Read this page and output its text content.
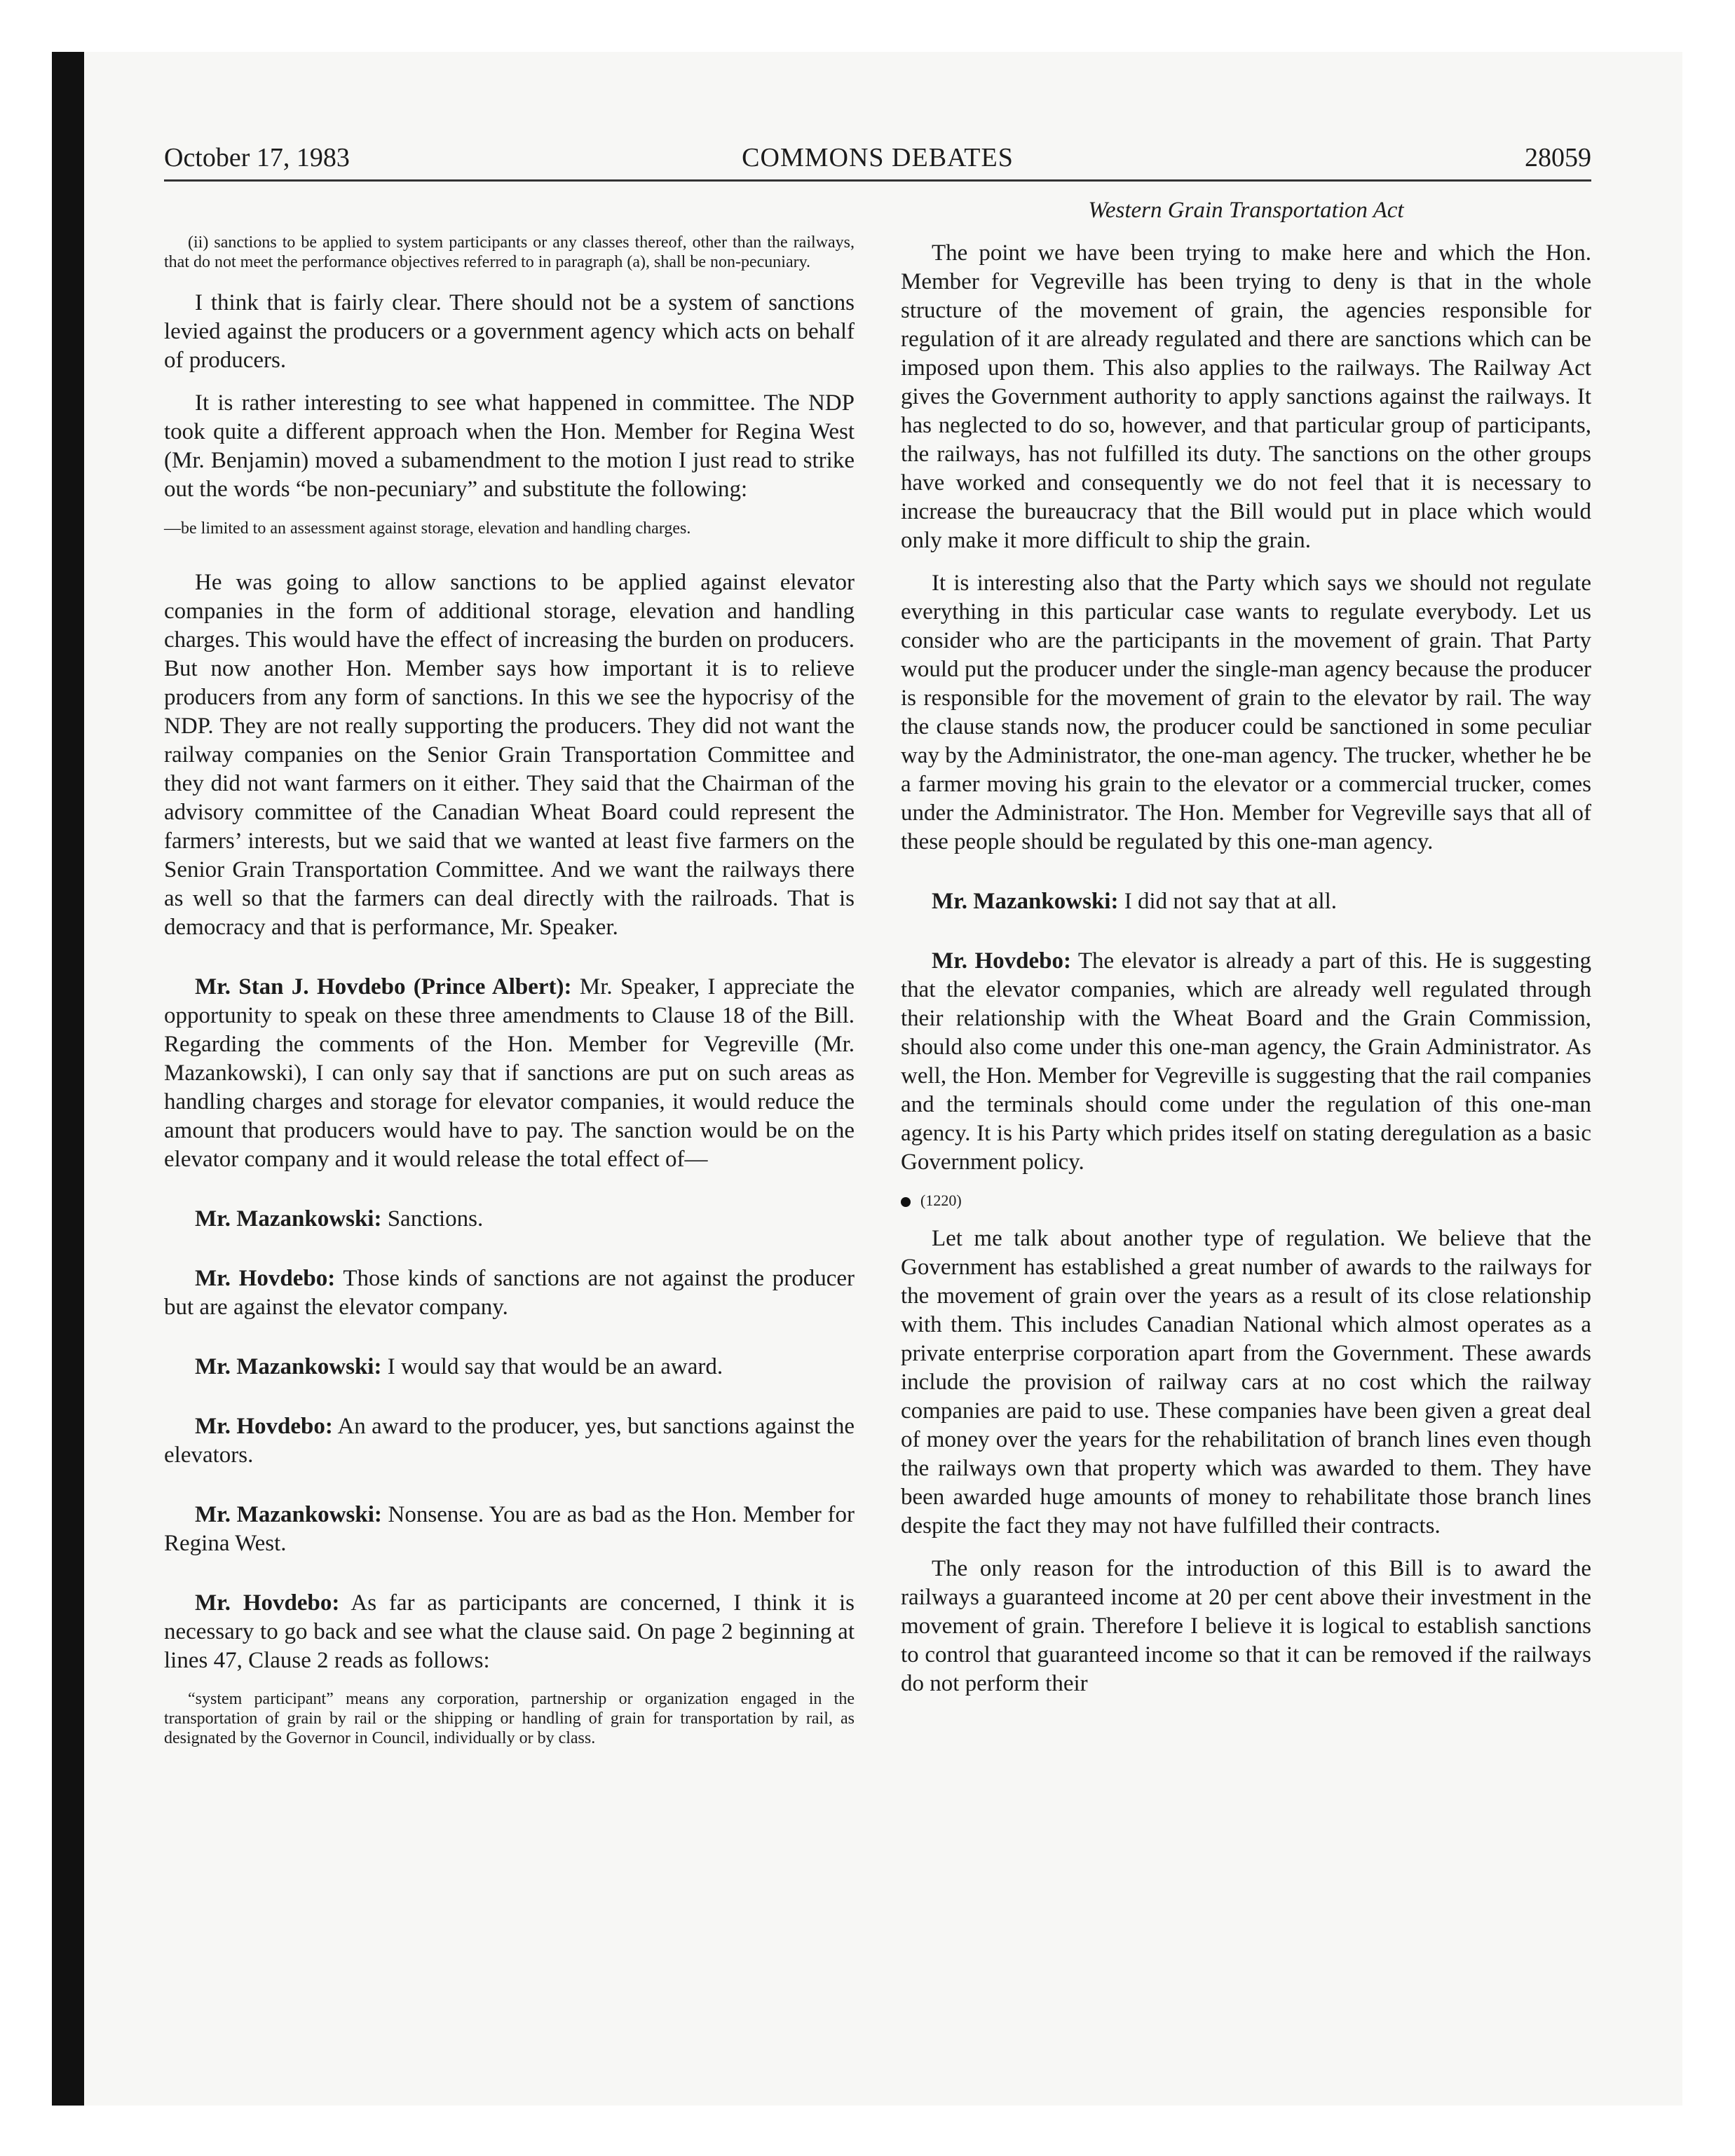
October 17, 1983	COMMONS DEBATES	28059

(ii) sanctions to be applied to system participants or any classes thereof, other than the railways, that do not meet the performance objectives referred to in paragraph (a), shall be non-pecuniary.

I think that is fairly clear. There should not be a system of sanctions levied against the producers or a government agency which acts on behalf of producers.

It is rather interesting to see what happened in committee. The NDP took quite a different approach when the Hon. Member for Regina West (Mr. Benjamin) moved a subamendment to the motion I just read to strike out the words “be non-pecuniary” and substitute the following:

—be limited to an assessment against storage, elevation and handling charges.

He was going to allow sanctions to be applied against elevator companies in the form of additional storage, elevation and handling charges. This would have the effect of increasing the burden on producers. But now another Hon. Member says how important it is to relieve producers from any form of sanctions. In this we see the hypocrisy of the NDP. They are not really supporting the producers. They did not want the railway companies on the Senior Grain Transportation Committee and they did not want farmers on it either. They said that the Chairman of the advisory committee of the Canadian Wheat Board could represent the farmers’ interests, but we said that we wanted at least five farmers on the Senior Grain Transportation Committee. And we want the railways there as well so that the farmers can deal directly with the railroads. That is democracy and that is performance, Mr. Speaker.

Mr. Stan J. Hovdebo (Prince Albert): Mr. Speaker, I appreciate the opportunity to speak on these three amendments to Clause 18 of the Bill. Regarding the comments of the Hon. Member for Vegreville (Mr. Mazankowski), I can only say that if sanctions are put on such areas as handling charges and storage for elevator companies, it would reduce the amount that producers would have to pay. The sanction would be on the elevator company and it would release the total effect of—

Mr. Mazankowski: Sanctions.

Mr. Hovdebo: Those kinds of sanctions are not against the producer but are against the elevator company.

Mr. Mazankowski: I would say that would be an award.

Mr. Hovdebo: An award to the producer, yes, but sanctions against the elevators.

Mr. Mazankowski: Nonsense. You are as bad as the Hon. Member for Regina West.

Mr. Hovdebo: As far as participants are concerned, I think it is necessary to go back and see what the clause said. On page 2 beginning at lines 47, Clause 2 reads as follows:

“system participant” means any corporation, partnership or organization engaged in the transportation of grain by rail or the shipping or handling of grain for transportation by rail, as designated by the Governor in Council, individually or by class.

Western Grain Transportation Act

The point we have been trying to make here and which the Hon. Member for Vegreville has been trying to deny is that in the whole structure of the movement of grain, the agencies responsible for regulation of it are already regulated and there are sanctions which can be imposed upon them. This also applies to the railways. The Railway Act gives the Government authority to apply sanctions against the railways. It has neglected to do so, however, and that particular group of participants, the railways, has not fulfilled its duty. The sanctions on the other groups have worked and consequently we do not feel that it is necessary to increase the bureaucracy that the Bill would put in place which would only make it more difficult to ship the grain.

It is interesting also that the Party which says we should not regulate everything in this particular case wants to regulate everybody. Let us consider who are the participants in the movement of grain. That Party would put the producer under the single-man agency because the producer is responsible for the movement of grain to the elevator by rail. The way the clause stands now, the producer could be sanctioned in some peculiar way by the Administrator, the one-man agency. The trucker, whether he be a farmer moving his grain to the elevator or a commercial trucker, comes under the Administrator. The Hon. Member for Vegreville says that all of these people should be regulated by this one-man agency.

Mr. Mazankowski: I did not say that at all.

Mr. Hovdebo: The elevator is already a part of this. He is suggesting that the elevator companies, which are already well regulated through their relationship with the Wheat Board and the Grain Commission, should also come under this one-man agency, the Grain Administrator. As well, the Hon. Member for Vegreville is suggesting that the rail companies and the terminals should come under the regulation of this one-man agency. It is his Party which prides itself on stating deregulation as a basic Government policy.

(1220)

Let me talk about another type of regulation. We believe that the Government has established a great number of awards to the railways for the movement of grain over the years as a result of its close relationship with them. This includes Canadian National which almost operates as a private enterprise corporation apart from the Government. These awards include the provision of railway cars at no cost which the railway companies are paid to use. These companies have been given a great deal of money over the years for the rehabilitation of branch lines even though the railways own that property which was awarded to them. They have been awarded huge amounts of money to rehabilitate those branch lines despite the fact they may not have fulfilled their contracts.

The only reason for the introduction of this Bill is to award the railways a guaranteed income at 20 per cent above their investment in the movement of grain. Therefore I believe it is logical to establish sanctions to control that guaranteed income so that it can be removed if the railways do not perform their
